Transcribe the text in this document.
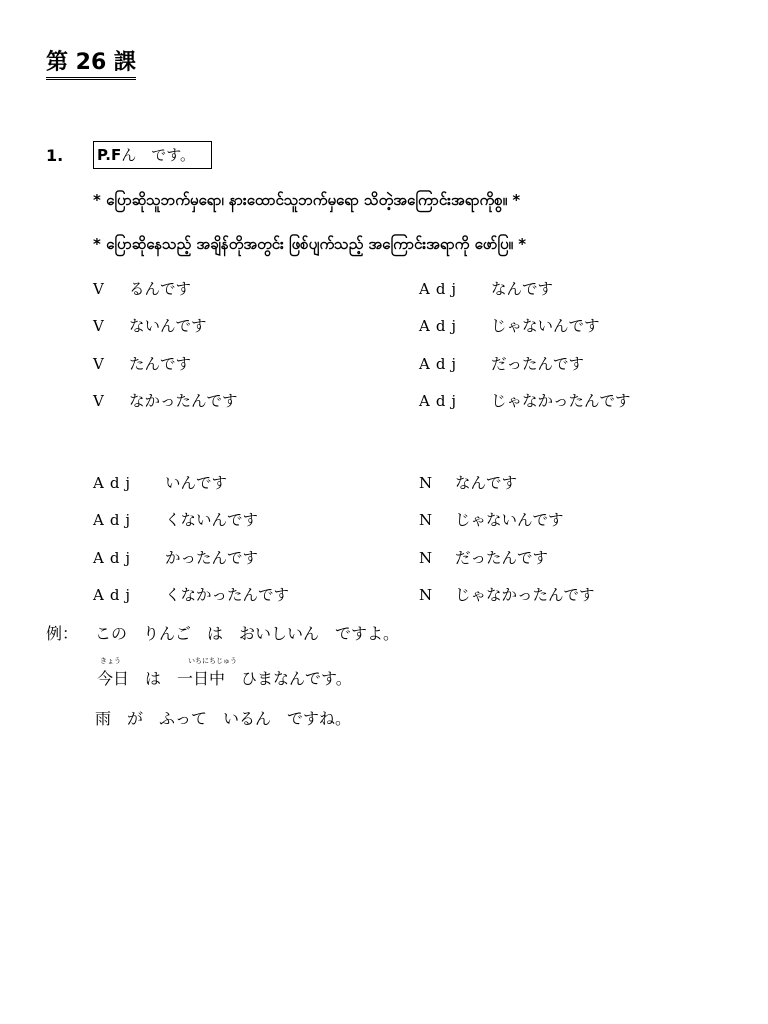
第 26 課
1. P.Fん　です。
* ပြောဆိုသူဘက်မှရော၊ နားထောင်သူဘက်မှရော သိတဲ့အကြောင်းအရာကိုစွ။ *
* ပြောဆိုနေသည့် အချိန်တိုအတွင်း ဖြစ်ပျက်သည့် အကြောင်းအရာကို ဖော်ပြ။ *
V るんです
V ないんです
V たんです
V なかったんです
Adj なんです
Adj じゃないんです
Adj だったんです
Adj じゃなかったんです
Adj いんです
Adj くないんです
Adj かったんです
Adj くなかったんです
N なんです
N じゃないんです
N だったんです
N じゃなかったんです
例： この　りんご　は　おいしいん　ですよ。
きょう	いちにちじゅう
今日　は　一日中　ひまなんです。
雨　が　ふって　いるん　ですね。
